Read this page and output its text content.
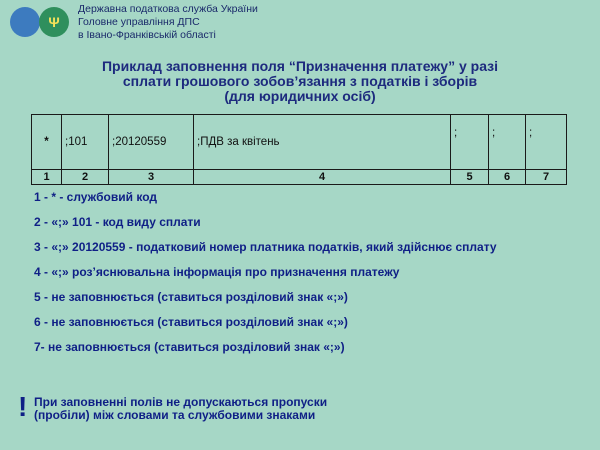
Ψ
Державна податкова служба України
Головне управління ДПС
в Івано-Франківській області
Приклад заповнення поля “Призначення платежу” у разі
сплати грошового зобов’язання з податків і зборів
(для юридичних осіб)
*	;101	;20120559	;ПДВ за квітень	;	;	;
1	2	3	4	5	6	7
1 - * - службовий код
2 - «;» 101 - код виду сплати
3 - «;» 20120559 - податковий номер платника податків, який здійснює сплату
4 - «;» роз’яснювальна інформація про призначення платежу
5 - не заповнюється (ставиться розділовий знак «;»)
6 - не заповнюється (ставиться розділовий знак «;»)
7- не заповнюється (ставиться розділовий знак «;»)
! При заповненні полів не допускаються пропуски
(пробіли) між словами та службовими знаками
